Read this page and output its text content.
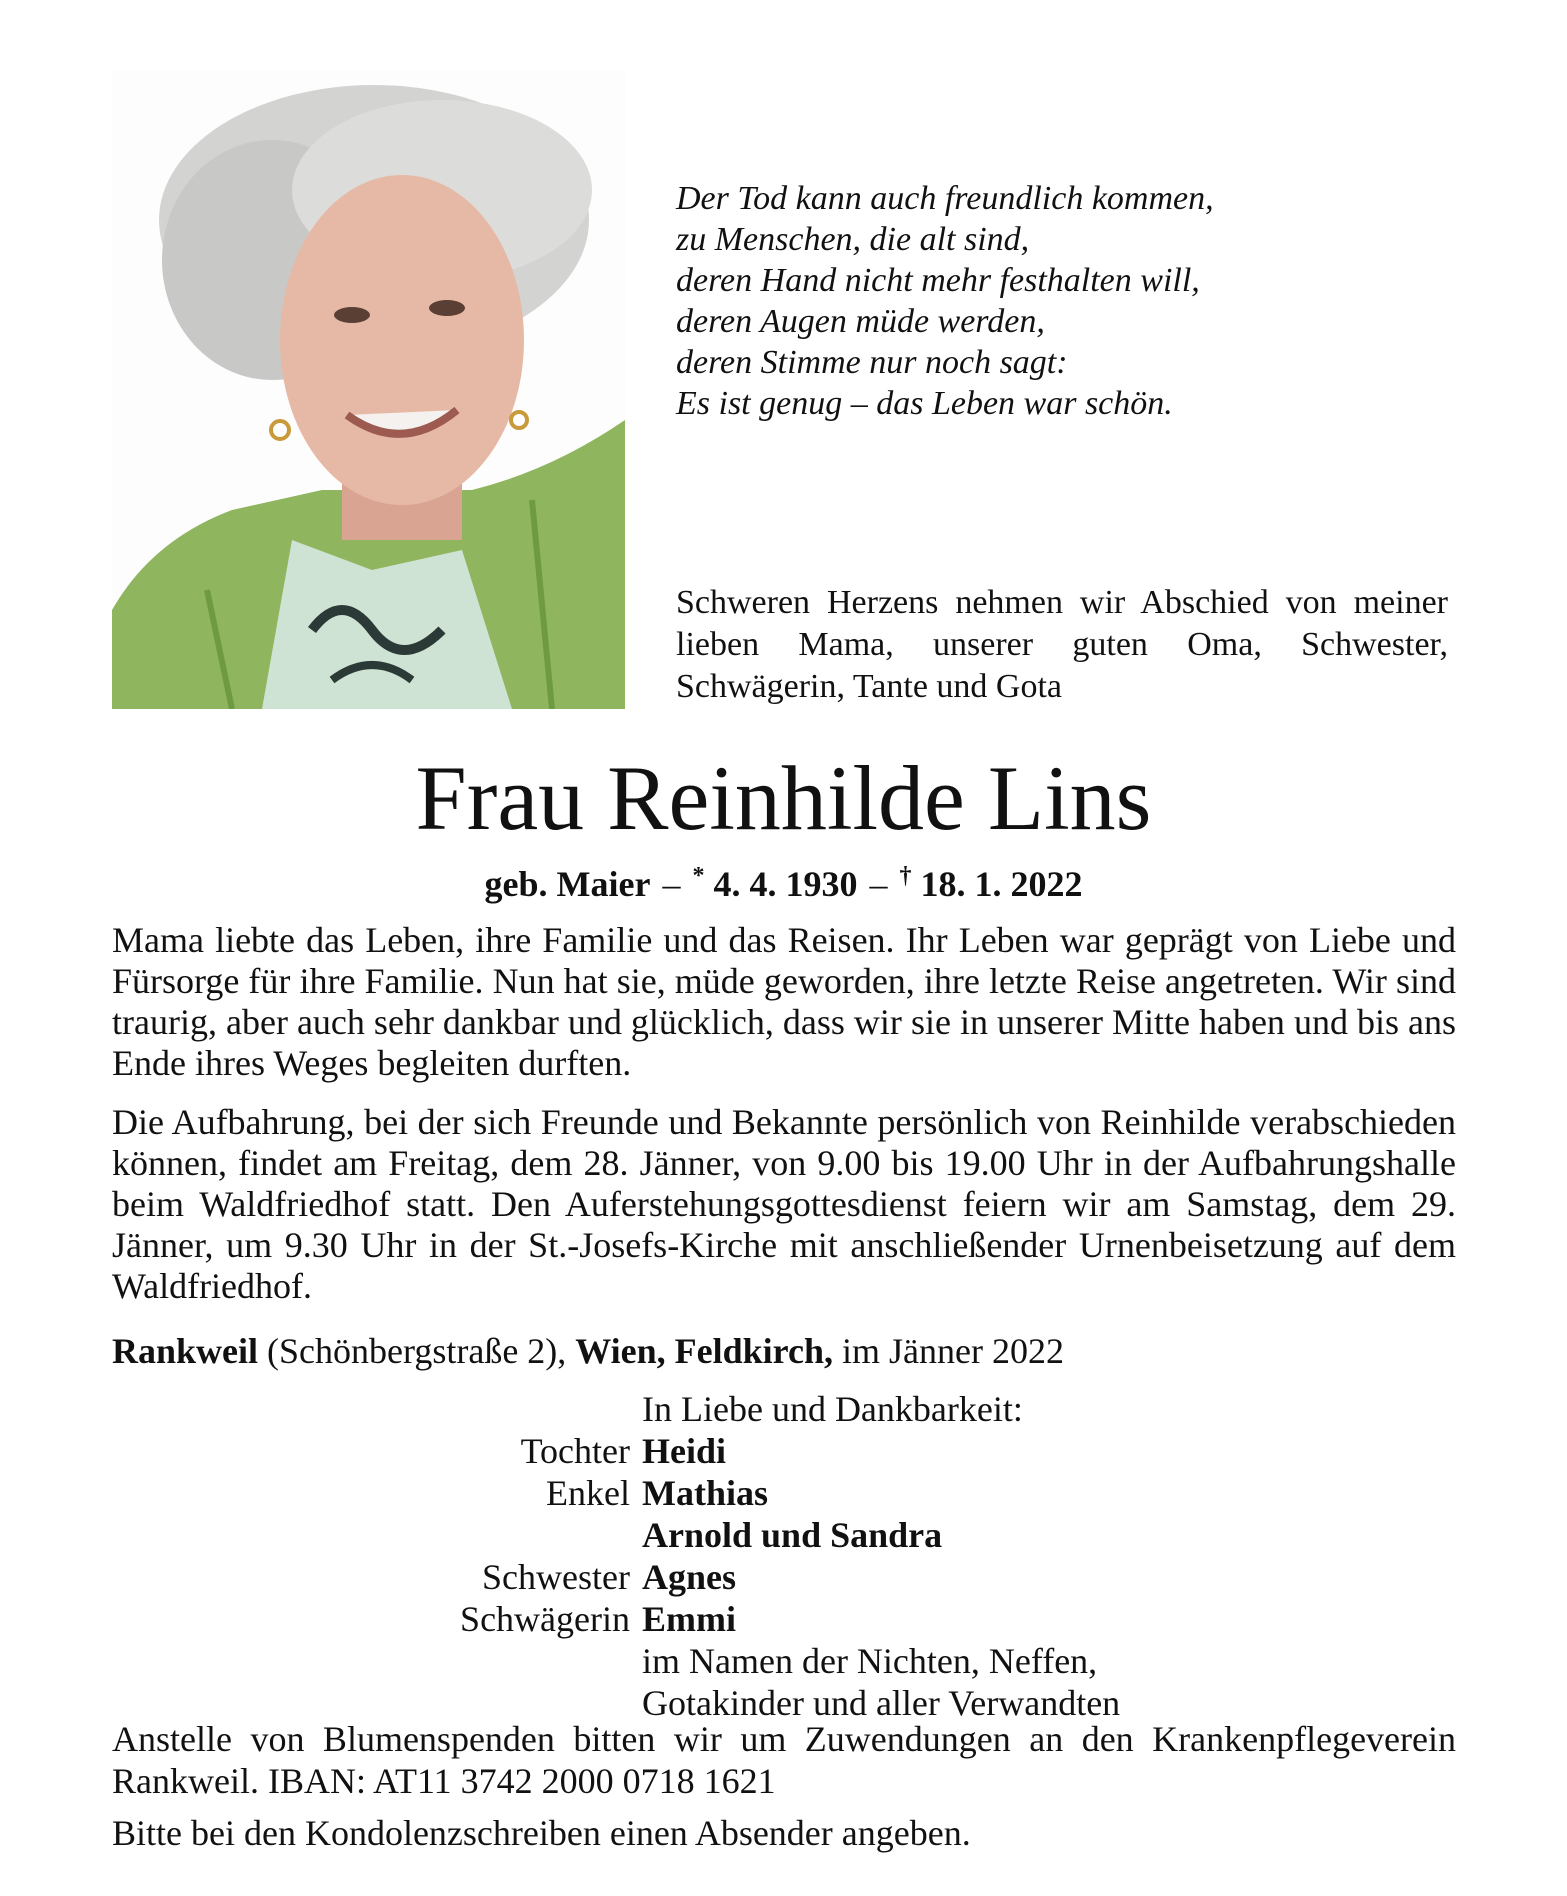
Der Tod kann auch freundlich kommen,
zu Menschen, die alt sind,
deren Hand nicht mehr festhalten will,
deren Augen müde werden,
deren Stimme nur noch sagt:
Es ist genug – das Leben war schön.

Schweren Herzens nehmen wir Abschied von meiner lieben Mama, unserer guten Oma, Schwester, Schwägerin, Tante und Gota

Frau Reinhilde Lins
geb. Maier – * 4. 4. 1930 – † 18. 1. 2022

Mama liebte das Leben, ihre Familie und das Reisen. Ihr Leben war geprägt von Liebe und Fürsorge für ihre Familie. Nun hat sie, müde geworden, ihre letzte Reise angetreten. Wir sind traurig, aber auch sehr dankbar und glücklich, dass wir sie in unserer Mitte haben und bis ans Ende ihres Weges begleiten durften.

Die Aufbahrung, bei der sich Freunde und Bekannte persönlich von Reinhilde verabschieden können, findet am Freitag, dem 28. Jänner, von 9.00 bis 19.00 Uhr in der Aufbahrungshalle beim Waldfriedhof statt. Den Auferstehungsgottesdienst feiern wir am Samstag, dem 29. Jänner, um 9.30 Uhr in der St.-Josefs-Kirche mit anschließender Urnenbeisetzung auf dem Waldfriedhof.

Rankweil (Schönbergstraße 2), Wien, Feldkirch, im Jänner 2022
In Liebe und Dankbarkeit:
Tochter Heidi
Enkel Mathias
Arnold und Sandra
Schwester Agnes
Schwägerin Emmi
im Namen der Nichten, Neffen,
Gotakinder und aller Verwandten

Anstelle von Blumenspenden bitten wir um Zuwendungen an den Krankenpflegeverein Rankweil. IBAN: AT11 3742 2000 0718 1621

Bitte bei den Kondolenzschreiben einen Absender angeben.
